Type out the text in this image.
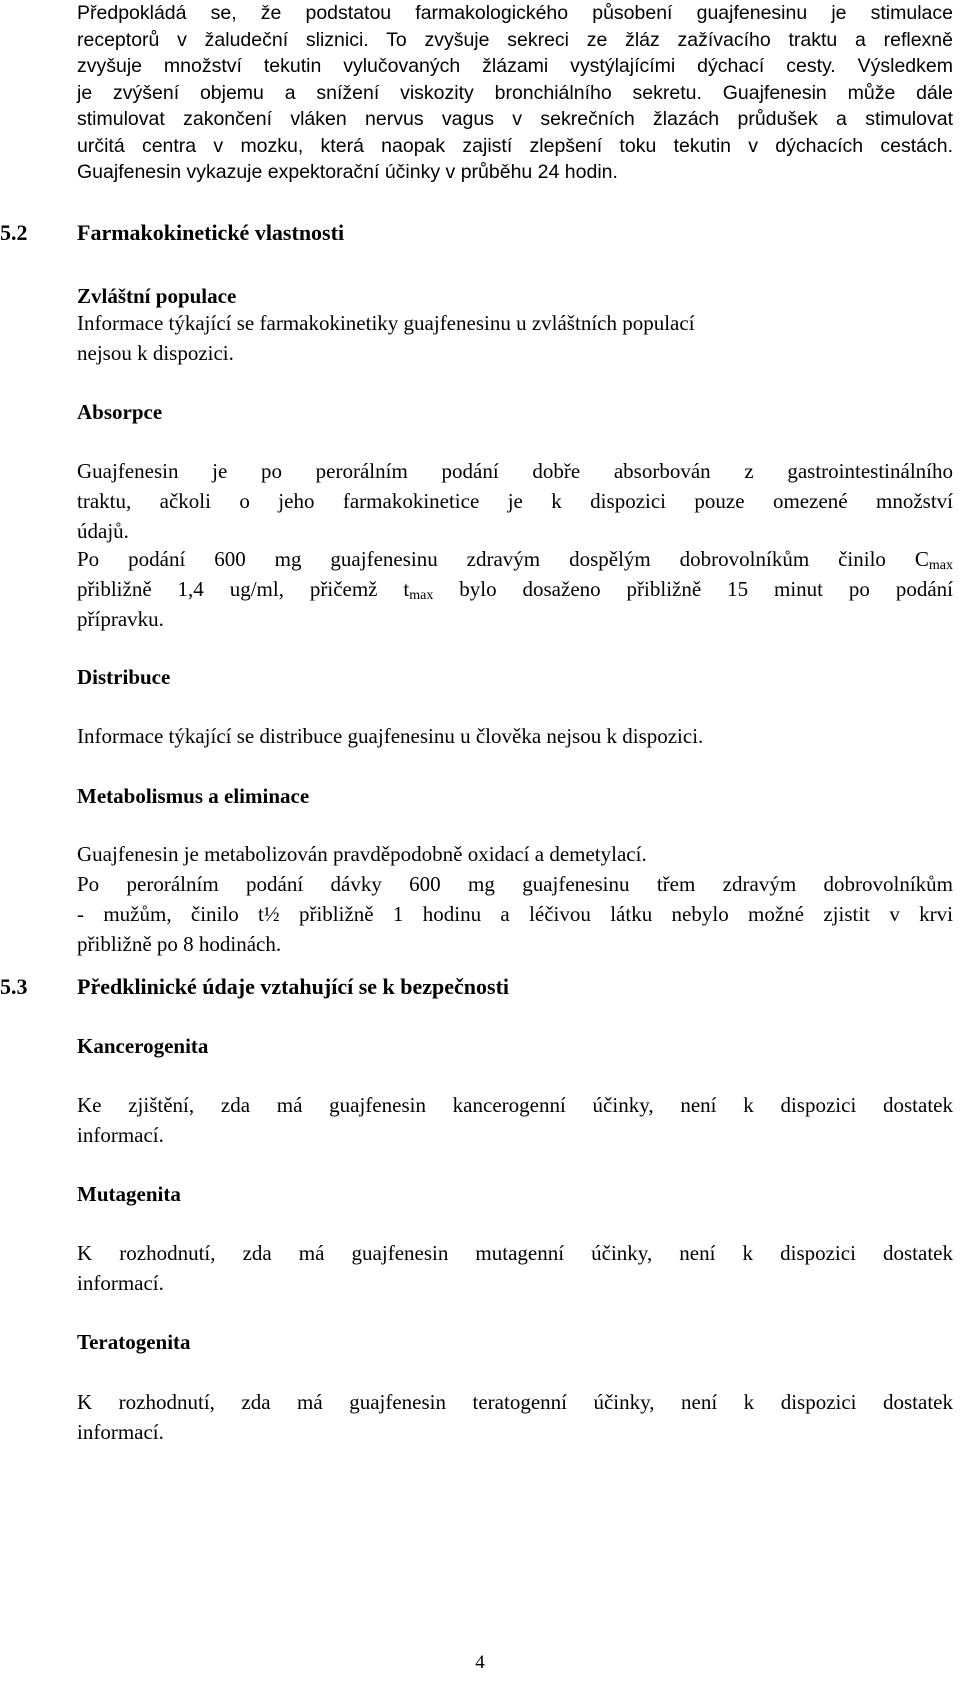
Předpokládá se, že podstatou farmakologického působení guajfenesinu je stimulace
receptorů v žaludeční sliznici. To zvyšuje sekreci ze žláz zažívacího traktu a reflexně
zvyšuje množství tekutin vylučovaných žlázami vystýlajícími dýchací cesty. Výsledkem
je zvýšení objemu a snížení viskozity bronchiálního sekretu. Guajfenesin může dále
stimulovat zakončení vláken nervus vagus v sekrečních žlazách průdušek a stimulovat
určitá centra v mozku, která naopak zajistí zlepšení toku tekutin v dýchacích cestách.
Guajfenesin vykazuje expektorační účinky v průběhu 24 hodin.
5.2 Farmakokinetické vlastnosti
Zvláštní populace
Informace týkající se farmakokinetiky guajfenesinu u zvláštních populací
nejsou k dispozici.
Absorpce
Guajfenesin je po perorálním podání dobře absorbován z gastrointestinálního
traktu, ačkoli o jeho farmakokinetice je k dispozici pouze omezené množství
údajů.
Po podání 600 mg guajfenesinu zdravým dospělým dobrovolníkům činilo $C_{max}$
přibližně 1,4 ug/ml, přičemž $t_{max}$ bylo dosaženo přibližně 15 minut po podání
přípravku.
Distribuce
Informace týkající se distribuce guajfenesinu u člověka nejsou k dispozici.
Metabolismus a eliminace
Guajfenesin je metabolizován pravděpodobně oxidací a demetylací.
Po perorálním podání dávky 600 mg guajfenesinu třem zdravým dobrovolníkům
- mužům, činilo t½ přibližně 1 hodinu a léčivou látku nebylo možné zjistit v krvi
přibližně po 8 hodinách.
5.3 Předklinické údaje vztahující se k bezpečnosti
Kancerogenita
Ke zjištění, zda má guajfenesin kancerogenní účinky, není k dispozici dostatek
informací.
Mutagenita
K rozhodnutí, zda má guajfenesin mutagenní účinky, není k dispozici dostatek
informací.
Teratogenita
K rozhodnutí, zda má guajfenesin teratogenní účinky, není k dispozici dostatek
informací.
4
